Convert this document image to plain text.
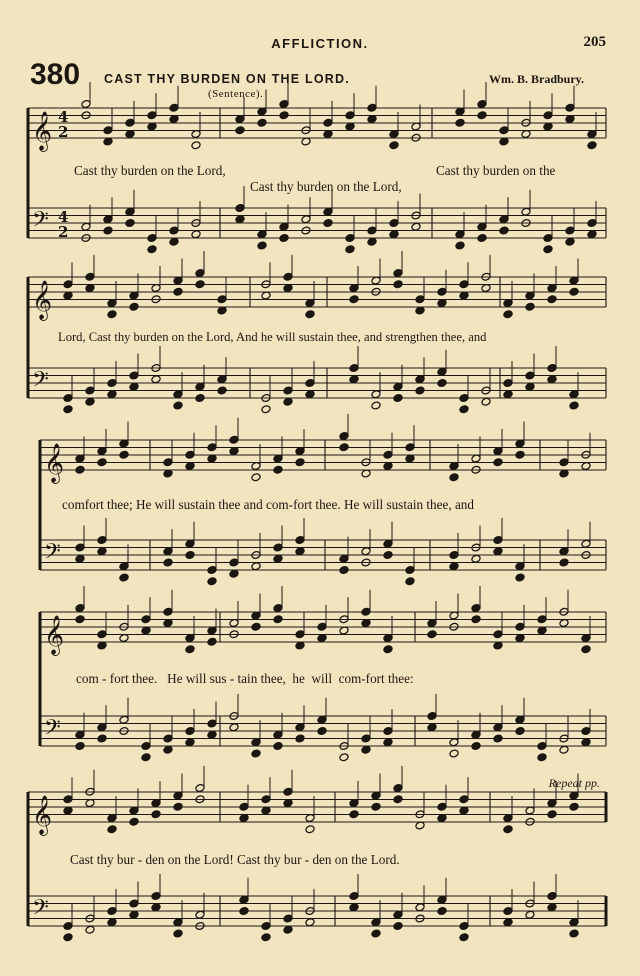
AFFLICTION.	205
380 CAST THY BURDEN ON THE LORD.	Wm. B. Bradbury.
(Sentence).
𝄞 4
2
𝄢 4
2
𝄞
𝄢
𝄞
𝄢
𝄞
𝄢
𝄞
𝄢
Cast thy burden on the Lord,	Cast thy burden on the
Cast thy burden on the Lord,
Lord, Cast thy burden on the Lord, And he will sustain thee, and strengthen thee, and
comfort thee; He will sustain thee and com-fort thee. He will sustain thee, and
com - fort thee.   He will sus - tain thee,  he  will  com-fort thee:
Repeat pp.
Cast thy bur - den on the Lord! Cast thy bur - den on the Lord.
